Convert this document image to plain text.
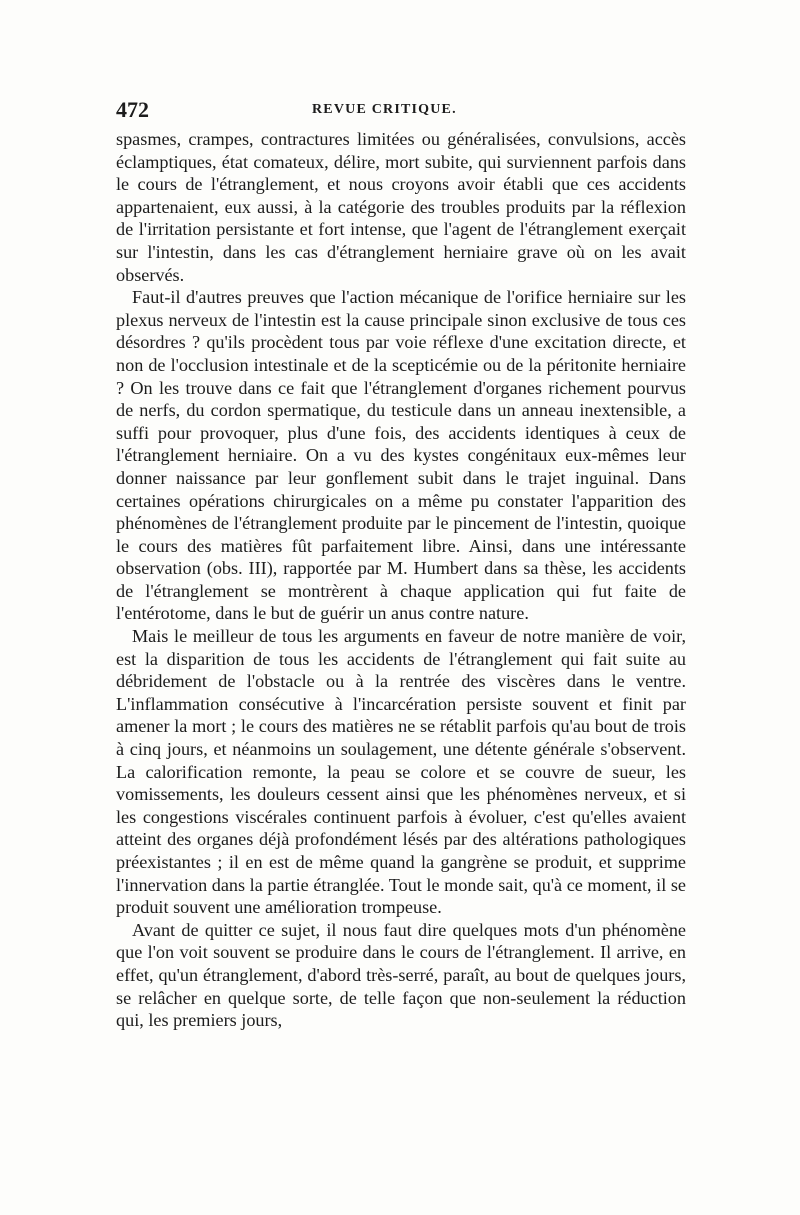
472	REVUE CRITIQUE.

spasmes, crampes, contractures limitées ou généralisées, convulsions, accès éclamptiques, état comateux, délire, mort subite, qui surviennent parfois dans le cours de l'étranglement, et nous croyons avoir établi que ces accidents appartenaient, eux aussi, à la catégorie des troubles produits par la réflexion de l'irritation persistante et fort intense, que l'agent de l'étranglement exerçait sur l'intestin, dans les cas d'étranglement herniaire grave où on les avait observés.

Faut-il d'autres preuves que l'action mécanique de l'orifice herniaire sur les plexus nerveux de l'intestin est la cause principale sinon exclusive de tous ces désordres ? qu'ils procèdent tous par voie réflexe d'une excitation directe, et non de l'occlusion intestinale et de la scepticémie ou de la péritonite herniaire ? On les trouve dans ce fait que l'étranglement d'organes richement pourvus de nerfs, du cordon spermatique, du testicule dans un anneau inextensible, a suffi pour provoquer, plus d'une fois, des accidents identiques à ceux de l'étranglement herniaire. On a vu des kystes congénitaux eux-mêmes leur donner naissance par leur gonflement subit dans le trajet inguinal. Dans certaines opérations chirurgicales on a même pu constater l'apparition des phénomènes de l'étranglement produite par le pincement de l'intestin, quoique le cours des matières fût parfaitement libre. Ainsi, dans une intéressante observation (obs. III), rapportée par M. Humbert dans sa thèse, les accidents de l'étranglement se montrèrent à chaque application qui fut faite de l'entérotome, dans le but de guérir un anus contre nature.

Mais le meilleur de tous les arguments en faveur de notre manière de voir, est la disparition de tous les accidents de l'étranglement qui fait suite au débridement de l'obstacle ou à la rentrée des viscères dans le ventre. L'inflammation consécutive à l'incarcération persiste souvent et finit par amener la mort ; le cours des matières ne se rétablit parfois qu'au bout de trois à cinq jours, et néanmoins un soulagement, une détente générale s'observent. La calorification remonte, la peau se colore et se couvre de sueur, les vomissements, les douleurs cessent ainsi que les phénomènes nerveux, et si les congestions viscérales continuent parfois à évoluer, c'est qu'elles avaient atteint des organes déjà profondément lésés par des altérations pathologiques préexistantes ; il en est de même quand la gangrène se produit, et supprime l'innervation dans la partie étranglée. Tout le monde sait, qu'à ce moment, il se produit souvent une amélioration trompeuse.

Avant de quitter ce sujet, il nous faut dire quelques mots d'un phénomène que l'on voit souvent se produire dans le cours de l'étranglement. Il arrive, en effet, qu'un étranglement, d'abord très-serré, paraît, au bout de quelques jours, se relâcher en quelque sorte, de telle façon que non-seulement la réduction qui, les premiers jours,
